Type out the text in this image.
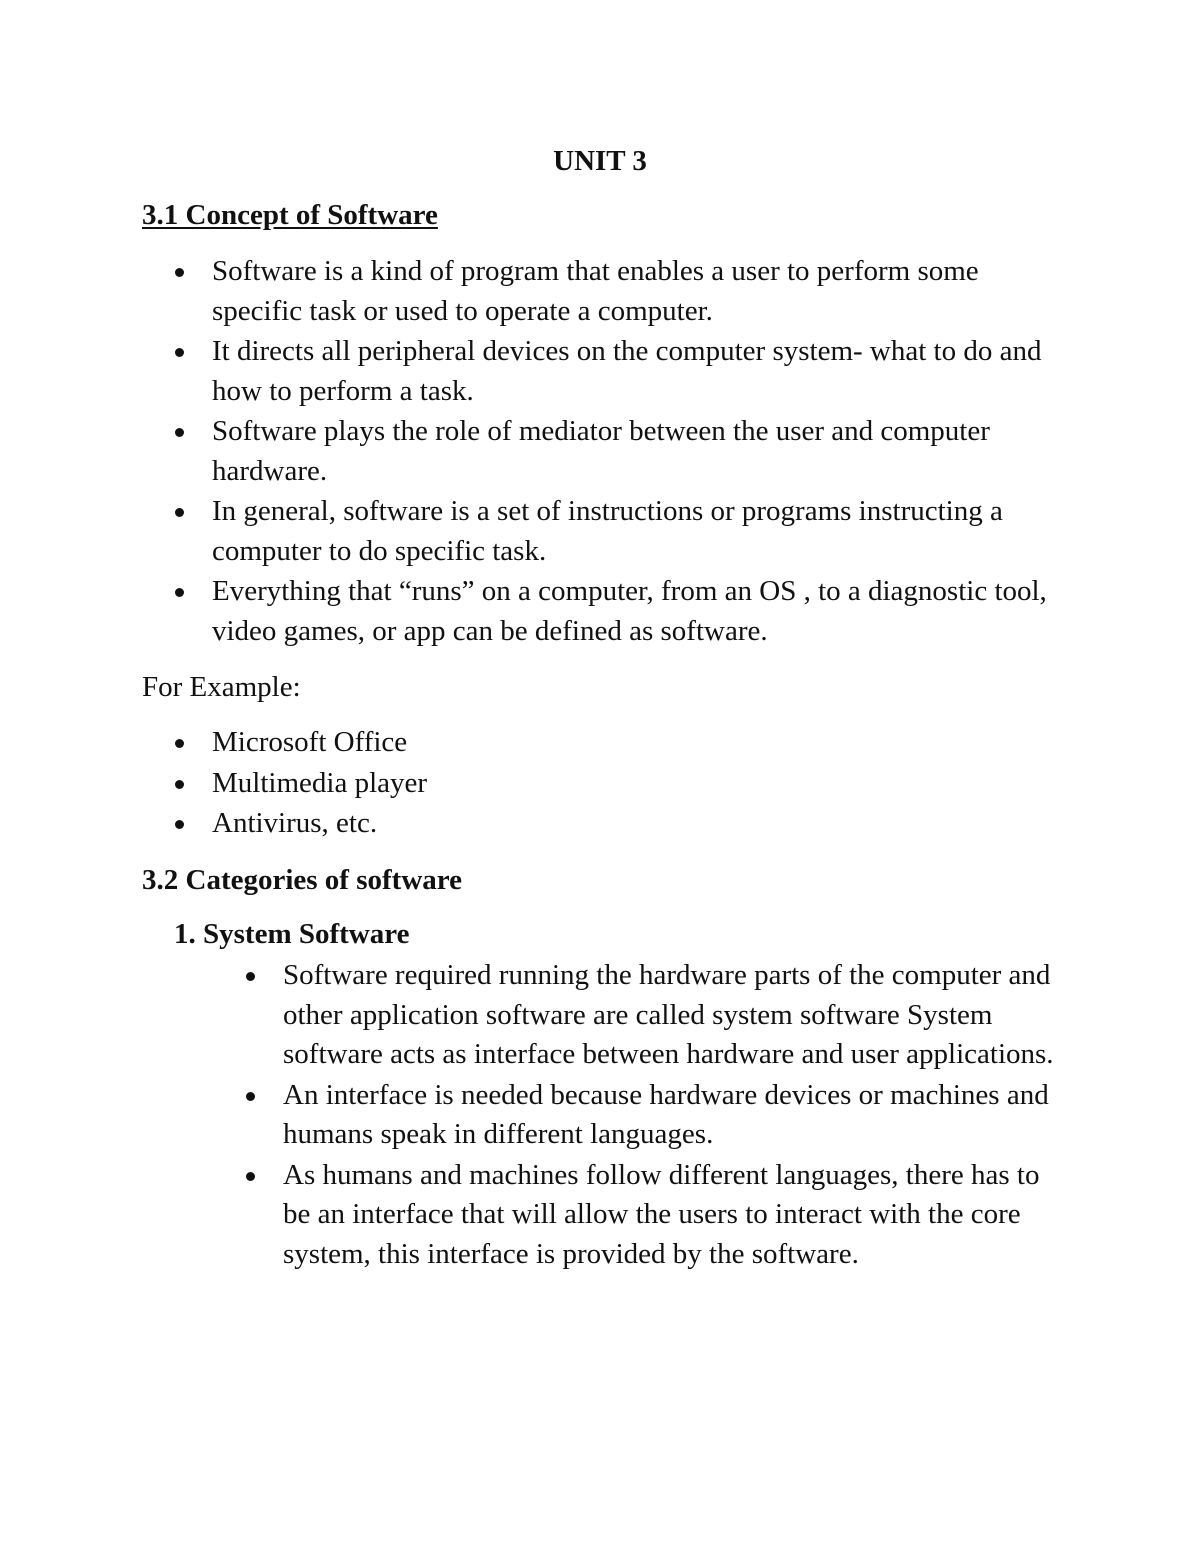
UNIT 3
3.1 Concept of Software
Software is a kind of program that enables a user to perform some specific task or used to operate a computer.
It directs all peripheral devices on the computer system- what to do and how to perform a task.
Software plays the role of mediator between the user and computer hardware.
In general, software is a set of instructions or programs instructing a computer to do specific task.
Everything that “runs” on a computer, from an OS , to a diagnostic tool, video games, or app can be defined as software.
For Example:
Microsoft Office
Multimedia player
Antivirus, etc.
3.2 Categories of software
1. System Software
Software required running the hardware parts of the computer and other application software are called system software System software acts as interface between hardware and user applications.
An interface is needed because hardware devices or machines and humans speak in different languages.
As humans and machines follow different languages, there has to be an interface that will allow the users to interact with the core system, this interface is provided by the software.
